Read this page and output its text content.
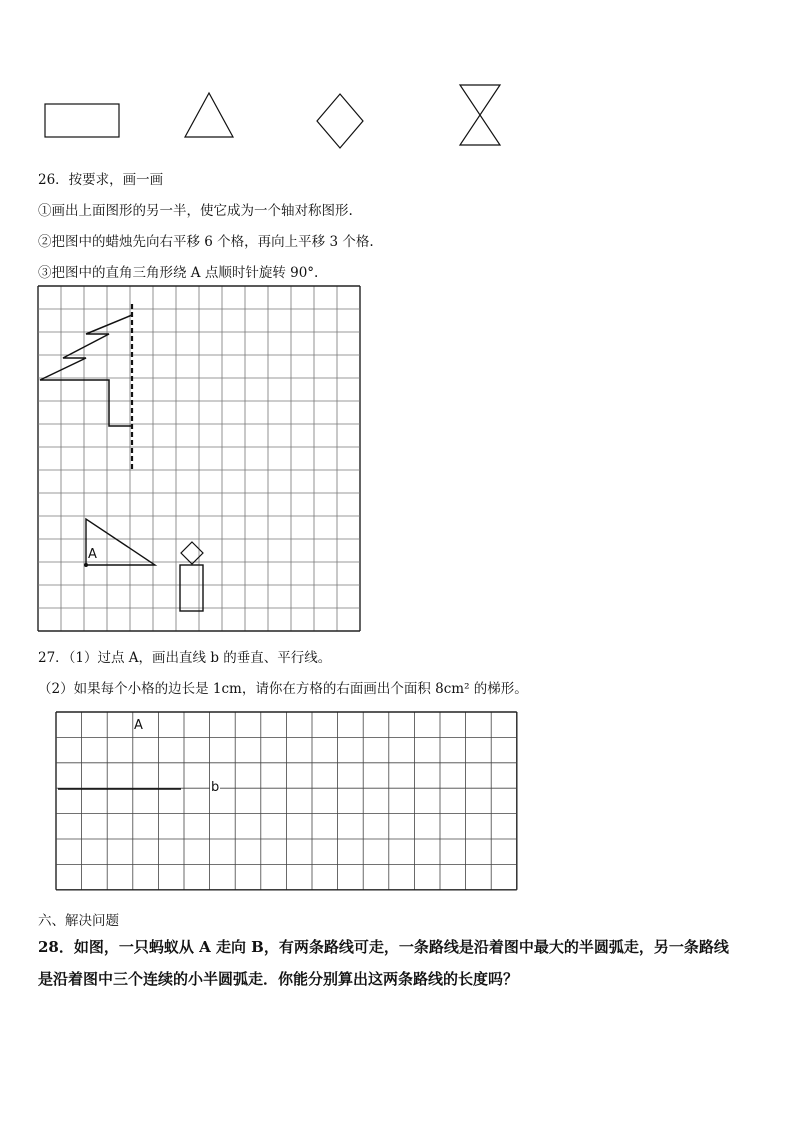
26．按要求，画一画
①画出上面图形的另一半，使它成为一个轴对称图形.
②把图中的蜡烛先向右平移 6 个格，再向上平移 3 个格.
③把图中的直角三角形绕 A 点顺时针旋转 90°.
A
27．（1）过点 A，画出直线 b 的垂直、平行线。
（2）如果每个小格的边长是 1cm，请你在方格的右面画出个面积 8cm² 的梯形。
A
b
六、解决问题
28．如图，一只蚂蚁从 A 走向 B，有两条路线可走，一条路线是沿着图中最大的半圆弧走，另一条路线
是沿着图中三个连续的小半圆弧走．你能分别算出这两条路线的长度吗？
